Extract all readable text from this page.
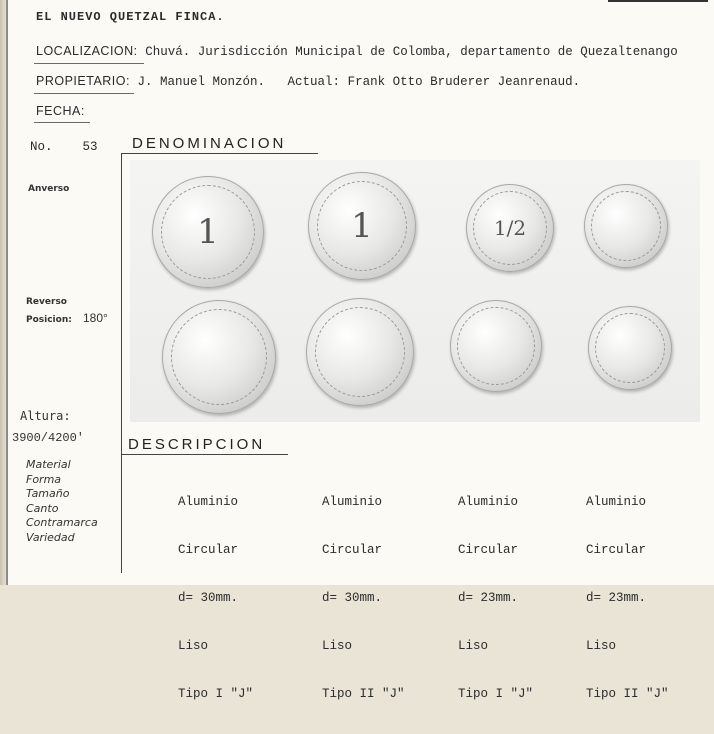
EL NUEVO QUETZAL FINCA.
LOCALIZACION: Chuvá. Jurisdicción Municipal de Colomba, departamento de Quezaltenango
PROPIETARIO: J. Manuel Monzón. Actual: Frank Otto Bruderer Jeanrenaud.
FECHA:
No. 53 DENOMINACION
Anverso
Reverso
Posicion: 180°
Altura:
3900/4200'
1	1	1/2
DESCRIPCION
Material
Forma
Tamaño
Canto
Contramarca
Variedad

Aluminio

Circular

d= 30mm.

Liso

Tipo I "J"

Aluminio

Circular

d= 30mm.

Liso

Tipo II "J"

Aluminio

Circular

d= 23mm.

Liso

Tipo I "J"

Aluminio

Circular

d= 23mm.

Liso

Tipo II "J"
